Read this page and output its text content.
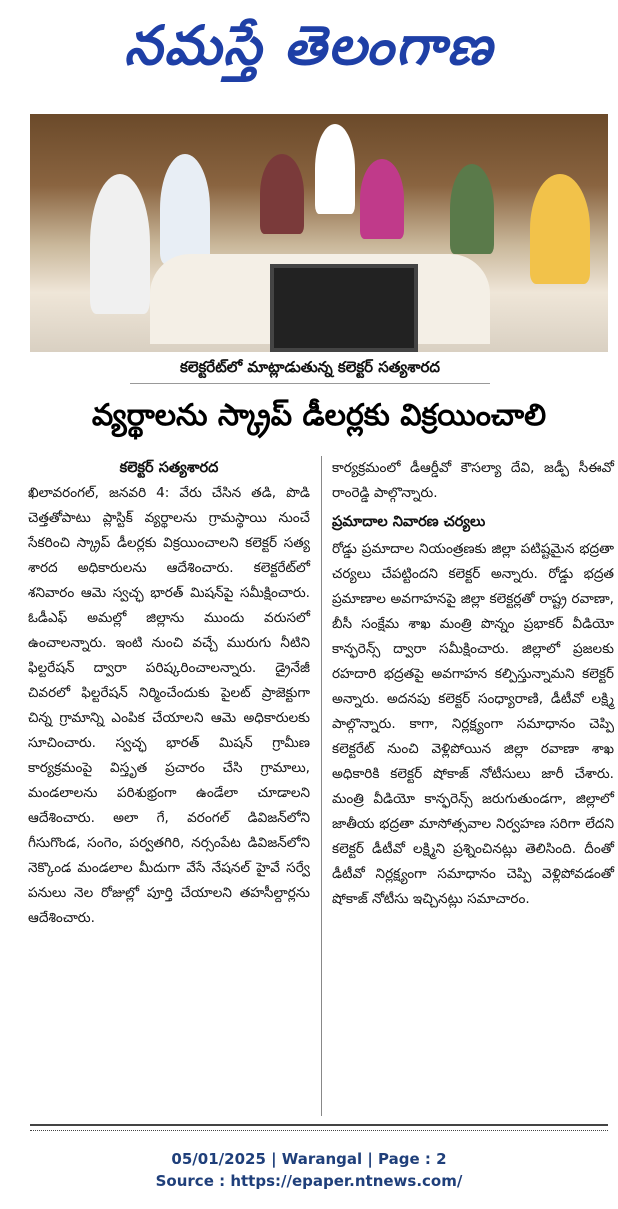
నమస్తే తెలంగాణ
కలెక్టరేట్‌లో మాట్లాడుతున్న కలెక్టర్ సత్యశారద
వ్యర్థాలను స్క్రాప్ డీలర్లకు విక్రయించాలి
కలెక్టర్ సత్యశారద

ఖిలావరంగల్, జనవరి 4: వేరు చేసిన తడి, పొడి చెత్తతోపాటు ప్లాస్టిక్ వ్యర్థాలను గ్రామస్థాయి నుంచే సేకరించి స్క్రాప్ డీలర్లకు విక్రయించాలని కలెక్టర్ సత్య శారద అధికారులను ఆదేశించారు. కలెక్టరేట్‌లో శనివారం ఆమె స్వచ్ఛ భారత్ మిషన్‌పై సమీక్షించారు. ఓడీఎఫ్ అమల్లో జిల్లాను ముందు వరుసలో ఉంచాలన్నారు. ఇంటి నుంచి వచ్చే మురుగు నీటిని ఫిల్టరేషన్ ద్వారా పరిష్కరించాలన్నారు. డ్రైనేజీ చివరలో ఫిల్టరేషన్ నిర్మించేందుకు పైలట్ ప్రాజెక్టుగా చిన్న గ్రామాన్ని ఎంపిక చేయాలని ఆమె అధికారులకు సూచించారు. స్వచ్ఛ భారత్ మిషన్ గ్రామీణ కార్యక్రమంపై విస్తృత ప్రచారం చేసి గ్రామాలు, మండలాలను పరిశుభ్రంగా ఉండేలా చూడాలని ఆదేశించారు. అలా గే, వరంగల్ డివిజన్‌లోని గీసుగొండ, సంగెం, పర్వతగిరి, నర్సంపేట డివిజన్‌లోని నెక్కొండ మండలాల మీదుగా వేసే నేషనల్ హైవే సర్వే పనులు నెల రోజుల్లో పూర్తి చేయాలని తహసీల్దార్లను ఆదేశించారు.

కార్యక్రమంలో డీఆర్డీవో కౌసల్యా దేవి, జడ్పీ సీఈవో రాంరెడ్డి పాల్గొన్నారు.

ప్రమాదాల నివారణ చర్యలు

రోడ్డు ప్రమాదాల నియంత్రణకు జిల్లా పటిష్టమైన భద్రతా చర్యలు చేపట్టిందని కలెక్టర్ అన్నారు. రోడ్డు భద్రత ప్రమాణాల అవగాహనపై జిల్లా కలెక్టర్లతో రాష్ట్ర రవాణా, బీసీ సంక్షేమ శాఖ మంత్రి పొన్నం ప్రభాకర్ వీడియో కాన్ఫరెన్స్ ద్వారా సమీక్షించారు. జిల్లాలో ప్రజలకు రహదారి భద్రతపై అవగాహన కల్పిస్తున్నామని కలెక్టర్ అన్నారు. అదనపు కలెక్టర్ సంధ్యారాణి, డీటీవో లక్ష్మి పాల్గొన్నారు. కాగా, నిర్లక్ష్యంగా సమాధానం చెప్పి కలెక్టరేట్ నుంచి వెళ్లిపోయిన జిల్లా రవాణా శాఖ అధికారికి కలెక్టర్ షోకాజ్ నోటీసులు జారీ చేశారు. మంత్రి వీడియో కాన్ఫరెన్స్ జరుగుతుండగా, జిల్లాలో జాతీయ భద్రతా మాసోత్సవాల నిర్వహణ సరిగా లేదని కలెక్టర్ డీటీవో లక్ష్మిని ప్రశ్నించినట్లు తెలిసింది. దీంతో డీటీవో నిర్లక్ష్యంగా సమాధానం చెప్పి వెళ్లిపోవడంతో షోకాజ్ నోటీసు ఇచ్చినట్లు సమాచారం.

05/01/2025 | Warangal | Page : 2
Source : https://epaper.ntnews.com/
